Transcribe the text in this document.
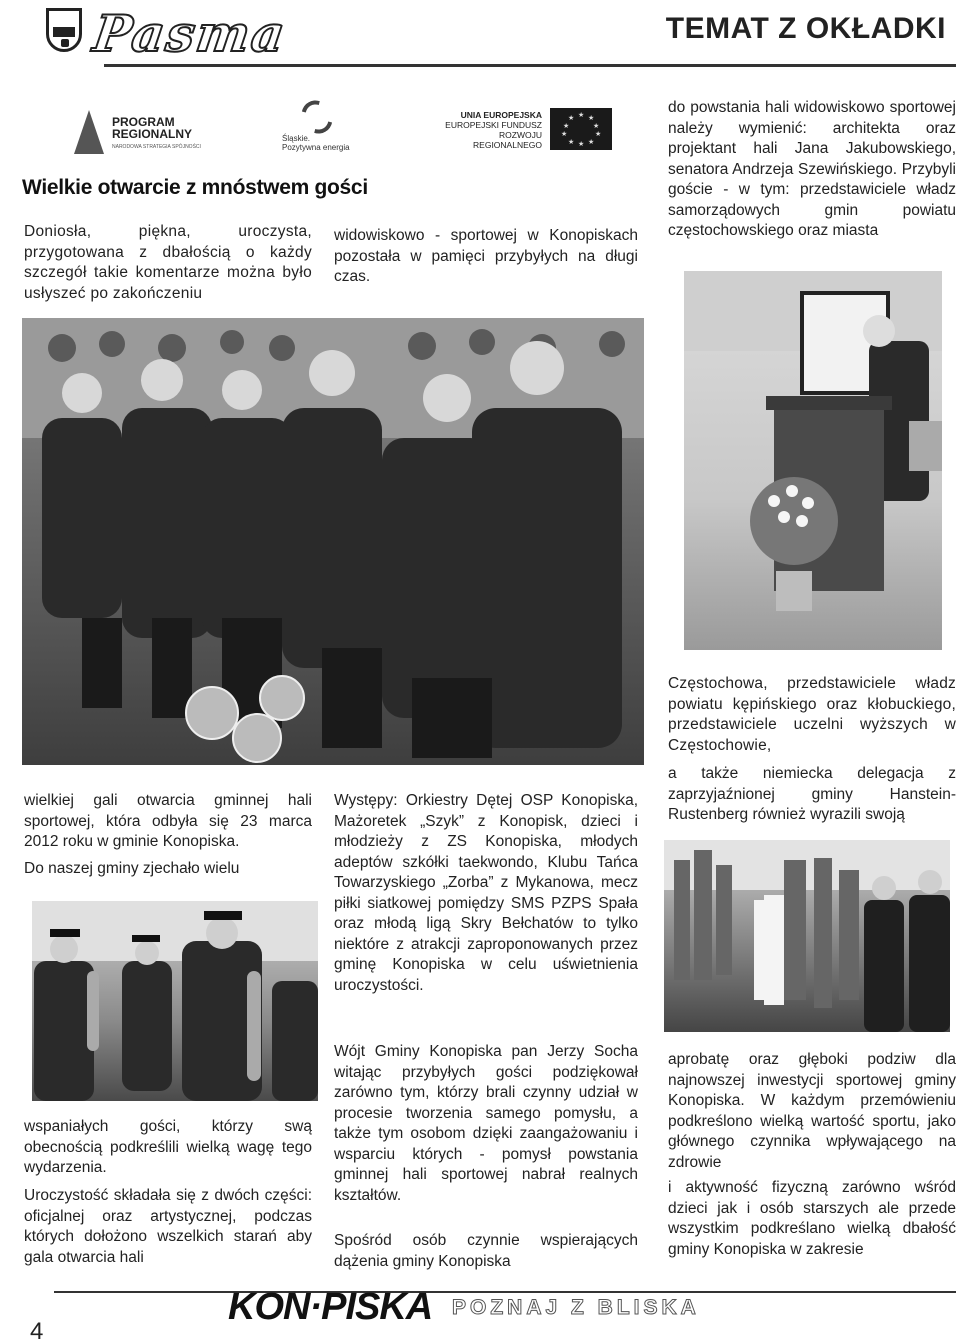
Pasma	TEMAT Z OKŁADKI
PROGRAM REGIONALNY
NARODOWA STRATEGIA SPÓJNOŚCI
Śląskie.
Pozytywna energia
UNIA EUROPEJSKA
EUROPEJSKI FUNDUSZ
ROZWOJU REGIONALNEGO
★ ★
★
★
★
★
★
★
★
★
Wielkie otwarcie z mnóstwem gości
Doniosła, piękna, uroczysta, przygotowana z dbałością o każdy szczegół takie komentarze można było usłyszeć po zakończeniu
widowiskowo - sportowej w Konopiskach pozostała w pamięci przybyłych na długi czas.
do powstania hali widowiskowo sportowej należy wymienić: architekta oraz projektant hali Jana Jakubowskiego, senatora Andrzeja Szewińskiego. Przybyli goście - w tym: przedstawiciele władz samorządowych gmin powiatu częstochowskiego oraz miasta
Częstochowa, przedstawiciele władz powiatu kępińskiego oraz kłobuckiego, przedstawiciele uczelni wyższych w Częstochowie,
a także niemiecka delegacja z zaprzyjaźnionej gminy Hanstein-Rustenberg również wyrazili swoją
wielkiej gali otwarcia gminnej hali sportowej, która odbyła się 23 marca 2012 roku w gminie Konopiska.
Do naszej gminy zjechało wielu
wspaniałych gości, którzy swą obecnością podkreślili wielką wagę tego wydarzenia.
Uroczystość składała się z dwóch części: oficjalnej oraz artystycznej, podczas których dołożono wszelkich starań aby gala otwarcia hali
Występy: Orkiestry Dętej OSP Konopiska, Mażoretek „Szyk” z Konopisk, dzieci i młodzieży z ZS Konopiska, młodych adeptów szkółki taekwondo, Klubu Tańca Towarzyskiego „Zorba” z Mykanowa, mecz piłki siatkowej pomiędzy SMS PZPS Spała oraz młodą ligą Skry Bełchatów to tylko niektóre z atrakcji zaproponowanych przez gminę Konopiska w celu uświetnienia uroczystości.
Wójt Gminy Konopiska pan Jerzy Socha witając przybyłych gości podziękował zarówno tym, którzy brali czynny udział w procesie tworzenia samego pomysłu, a także tym osobom dzięki zaangażowaniu i wsparciu których - pomysł powstania gminnej hali sportowej nabrał realnych kształtów.
Spośród osób czynnie wspierających dążenia gminy Konopiska
aprobatę oraz głęboki podziw dla najnowszej inwestycji sportowej gminy Konopiska. W każdym przemówieniu podkreślono wielką wartość sportu, jako głównego czynnika wpływającego na zdrowie
i aktywność fizyczną zarówno wśród dzieci jak i osób starszych ale przede wszystkim podkreślano wielką dbałość gminy Konopiska w zakresie
4
KON·PISKA POZNAJ Z BLISKA
